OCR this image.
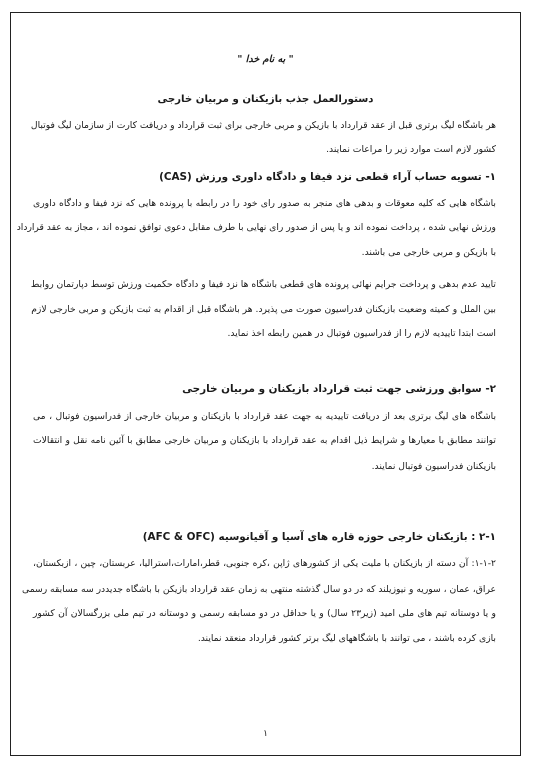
" به نام خدا "
دستورالعمل جذب بازیکنان و مربیان خارجی
هر باشگاه لیگ برتری قبل از عقد قرارداد با بازیکن و مربی خارجی برای ثبت قرارداد و دریافت کارت از سازمان لیگ فوتبال
کشور لازم است موارد زیر را مراعات نمایند.
۱- تسویه حساب آراء قطعی نزد فیفا و دادگاه داوری ورزش (CAS)
باشگاه هایی که کلیه معوقات و بدهی های منجر به صدور رای خود را در رابطه با پرونده هایی که نزد فیفا و دادگاه داوری
ورزش نهایی شده ، پرداخت نموده اند و یا پس از صدور رای نهایی با طرف مقابل دعوی توافق نموده اند ، مجاز به عقد قرارداد
با بازیکن و مربی خارجی می باشند.
تایید عدم بدهی و پرداخت جرایم نهائی پرونده های قطعی باشگاه ها نزد فیفا و دادگاه حکمیت ورزش توسط دپارتمان روابط
بین الملل و کمیته وضعیت بازیکنان فدراسیون صورت می پذیرد. هر باشگاه قبل از اقدام به ثبت بازیکن و مربی خارجی لازم
است ابتدا تاییدیه لازم را از فدراسیون فوتبال در همین رابطه اخذ نماید.
۲- سوابق ورزشی جهت ثبت قرارداد بازیکنان و مربیان خارجی
باشگاه های لیگ برتری بعد از دریافت تاییدیه به جهت عقد قرارداد با بازیکنان و مربیان خارجی از فدراسیون فوتبال ، می
توانند مطابق با معیارها و شرایط ذیل اقدام به عقد قرارداد با بازیکنان و مربیان خارجی مطابق با آئین نامه نقل و انتقالات
بازیکنان فدراسیون فوتبال نمایند.
۲-۱ : بازیکنان خارجی حوزه قاره های آسیا و آقیانوسیه (AFC & OFC)
۱-۱-۲: آن دسته از بازیکنان با ملیت یکی از کشورهای ژاپن ،کره جنوبی، قطر،امارات،استرالیا، عربستان، چین ، ازبکستان،
عراق، عمان ، سوریه و نیوزیلند که در دو سال گذشته منتهی به زمان عقد قرارداد بازیکن با باشگاه جدیددر سه مسابقه رسمی
و یا دوستانه تیم های ملی امید (زیر۲۳ سال) و یا حداقل در دو مسابقه رسمی و دوستانه در تیم ملی بزرگسالان آن کشور
بازی کرده باشند ، می توانند با باشگاههای لیگ برتر کشور قرارداد منعقد نمایند.
۱
